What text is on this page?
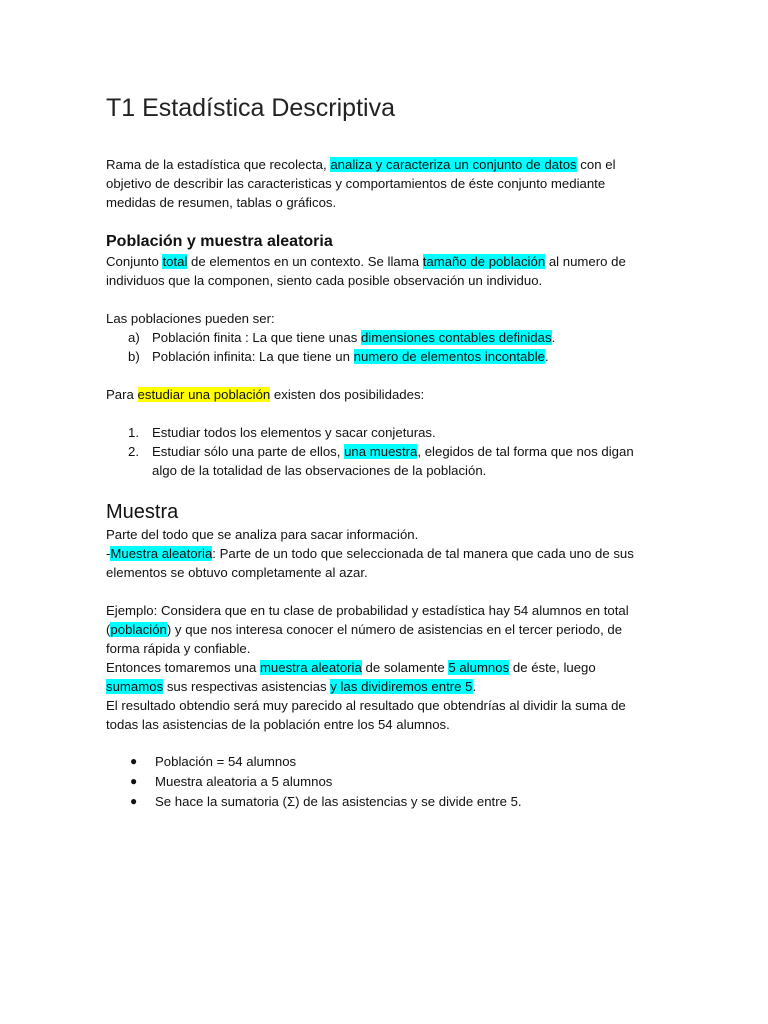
T1 Estadística Descriptiva
Rama de la estadística que recolecta, analiza y caracteriza un conjunto de datos con el
objetivo de describir las caracteristicas y comportamientos de éste conjunto mediante
medidas de resumen, tablas o gráficos.
Población y muestra aleatoria
Conjunto total de elementos en un contexto. Se llama tamaño de población al numero de
individuos que la componen, siento cada posible observación un individuo.
Las poblaciones pueden ser:
a) Población finita : La que tiene unas dimensiones contables definidas.
b) Población infinita: La que tiene un numero de elementos incontable.
Para estudiar una población existen dos posibilidades:
1. Estudiar todos los elementos y sacar conjeturas.
2. Estudiar sólo una parte de ellos, una muestra, elegidos de tal forma que nos digan
algo de la totalidad de las observaciones de la población.
Muestra
Parte del todo que se analiza para sacar información.
-Muestra aleatoria: Parte de un todo que seleccionada de tal manera que cada uno de sus
elementos se obtuvo completamente al azar.
Ejemplo: Considera que en tu clase de probabilidad y estadística hay 54 alumnos en total
(población) y que nos interesa conocer el número de asistencias en el tercer periodo, de
forma rápida y confiable.
Entonces tomaremos una muestra aleatoria de solamente 5 alumnos de éste, luego
sumamos sus respectivas asistencias y las dividiremos entre 5.
El resultado obtendio será muy parecido al resultado que obtendrías al dividir la suma de
todas las asistencias de la población entre los 54 alumnos.
● Población = 54 alumnos
● Muestra aleatoria a 5 alumnos
● Se hace la sumatoria (Σ) de las asistencias y se divide entre 5.
